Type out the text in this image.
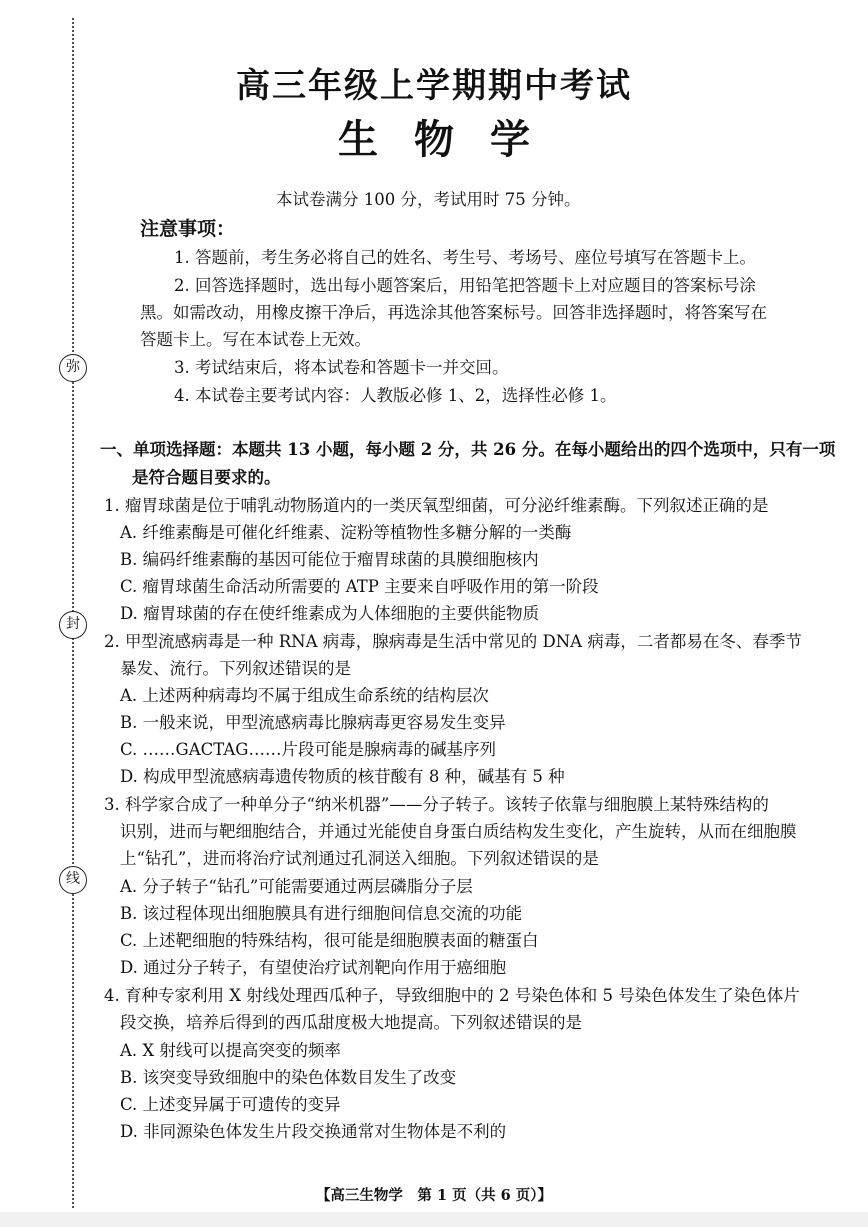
弥
封
线
高三年级上学期期中考试
生物学
本试卷满分 100 分，考试用时 75 分钟。
注意事项：
1. 答题前，考生务必将自己的姓名、考生号、考场号、座位号填写在答题卡上。
2. 回答选择题时，选出每小题答案后，用铅笔把答题卡上对应题目的答案标号涂
黑。如需改动，用橡皮擦干净后，再选涂其他答案标号。回答非选择题时，将答案写在
答题卡上。写在本试卷上无效。
3. 考试结束后，将本试卷和答题卡一并交回。
4. 本试卷主要考试内容：人教版必修 1、2，选择性必修 1。
一、单项选择题：本题共 13 小题，每小题 2 分，共 26 分。在每小题给出的四个选项中，只有一项
是符合题目要求的。
1. 瘤胃球菌是位于哺乳动物肠道内的一类厌氧型细菌，可分泌纤维素酶。下列叙述正确的是
A. 纤维素酶是可催化纤维素、淀粉等植物性多糖分解的一类酶
B. 编码纤维素酶的基因可能位于瘤胃球菌的具膜细胞核内
C. 瘤胃球菌生命活动所需要的 ATP 主要来自呼吸作用的第一阶段
D. 瘤胃球菌的存在使纤维素成为人体细胞的主要供能物质
2. 甲型流感病毒是一种 RNA 病毒，腺病毒是生活中常见的 DNA 病毒，二者都易在冬、春季节
暴发、流行。下列叙述错误的是
A. 上述两种病毒均不属于组成生命系统的结构层次
B. 一般来说，甲型流感病毒比腺病毒更容易发生变异
C. ……GACTAG……片段可能是腺病毒的碱基序列
D. 构成甲型流感病毒遗传物质的核苷酸有 8 种，碱基有 5 种
3. 科学家合成了一种单分子“纳米机器”——分子转子。该转子依靠与细胞膜上某特殊结构的
识别，进而与靶细胞结合，并通过光能使自身蛋白质结构发生变化，产生旋转，从而在细胞膜
上“钻孔”，进而将治疗试剂通过孔洞送入细胞。下列叙述错误的是
A. 分子转子“钻孔”可能需要通过两层磷脂分子层
B. 该过程体现出细胞膜具有进行细胞间信息交流的功能
C. 上述靶细胞的特殊结构，很可能是细胞膜表面的糖蛋白
D. 通过分子转子，有望使治疗试剂靶向作用于癌细胞
4. 育种专家利用 X 射线处理西瓜种子，导致细胞中的 2 号染色体和 5 号染色体发生了染色体片
段交换，培养后得到的西瓜甜度极大地提高。下列叙述错误的是
A. X 射线可以提高突变的频率
B. 该突变导致细胞中的染色体数目发生了改变
C. 上述变异属于可遗传的变异
D. 非同源染色体发生片段交换通常对生物体是不利的
【高三生物学　第 1 页（共 6 页）】
